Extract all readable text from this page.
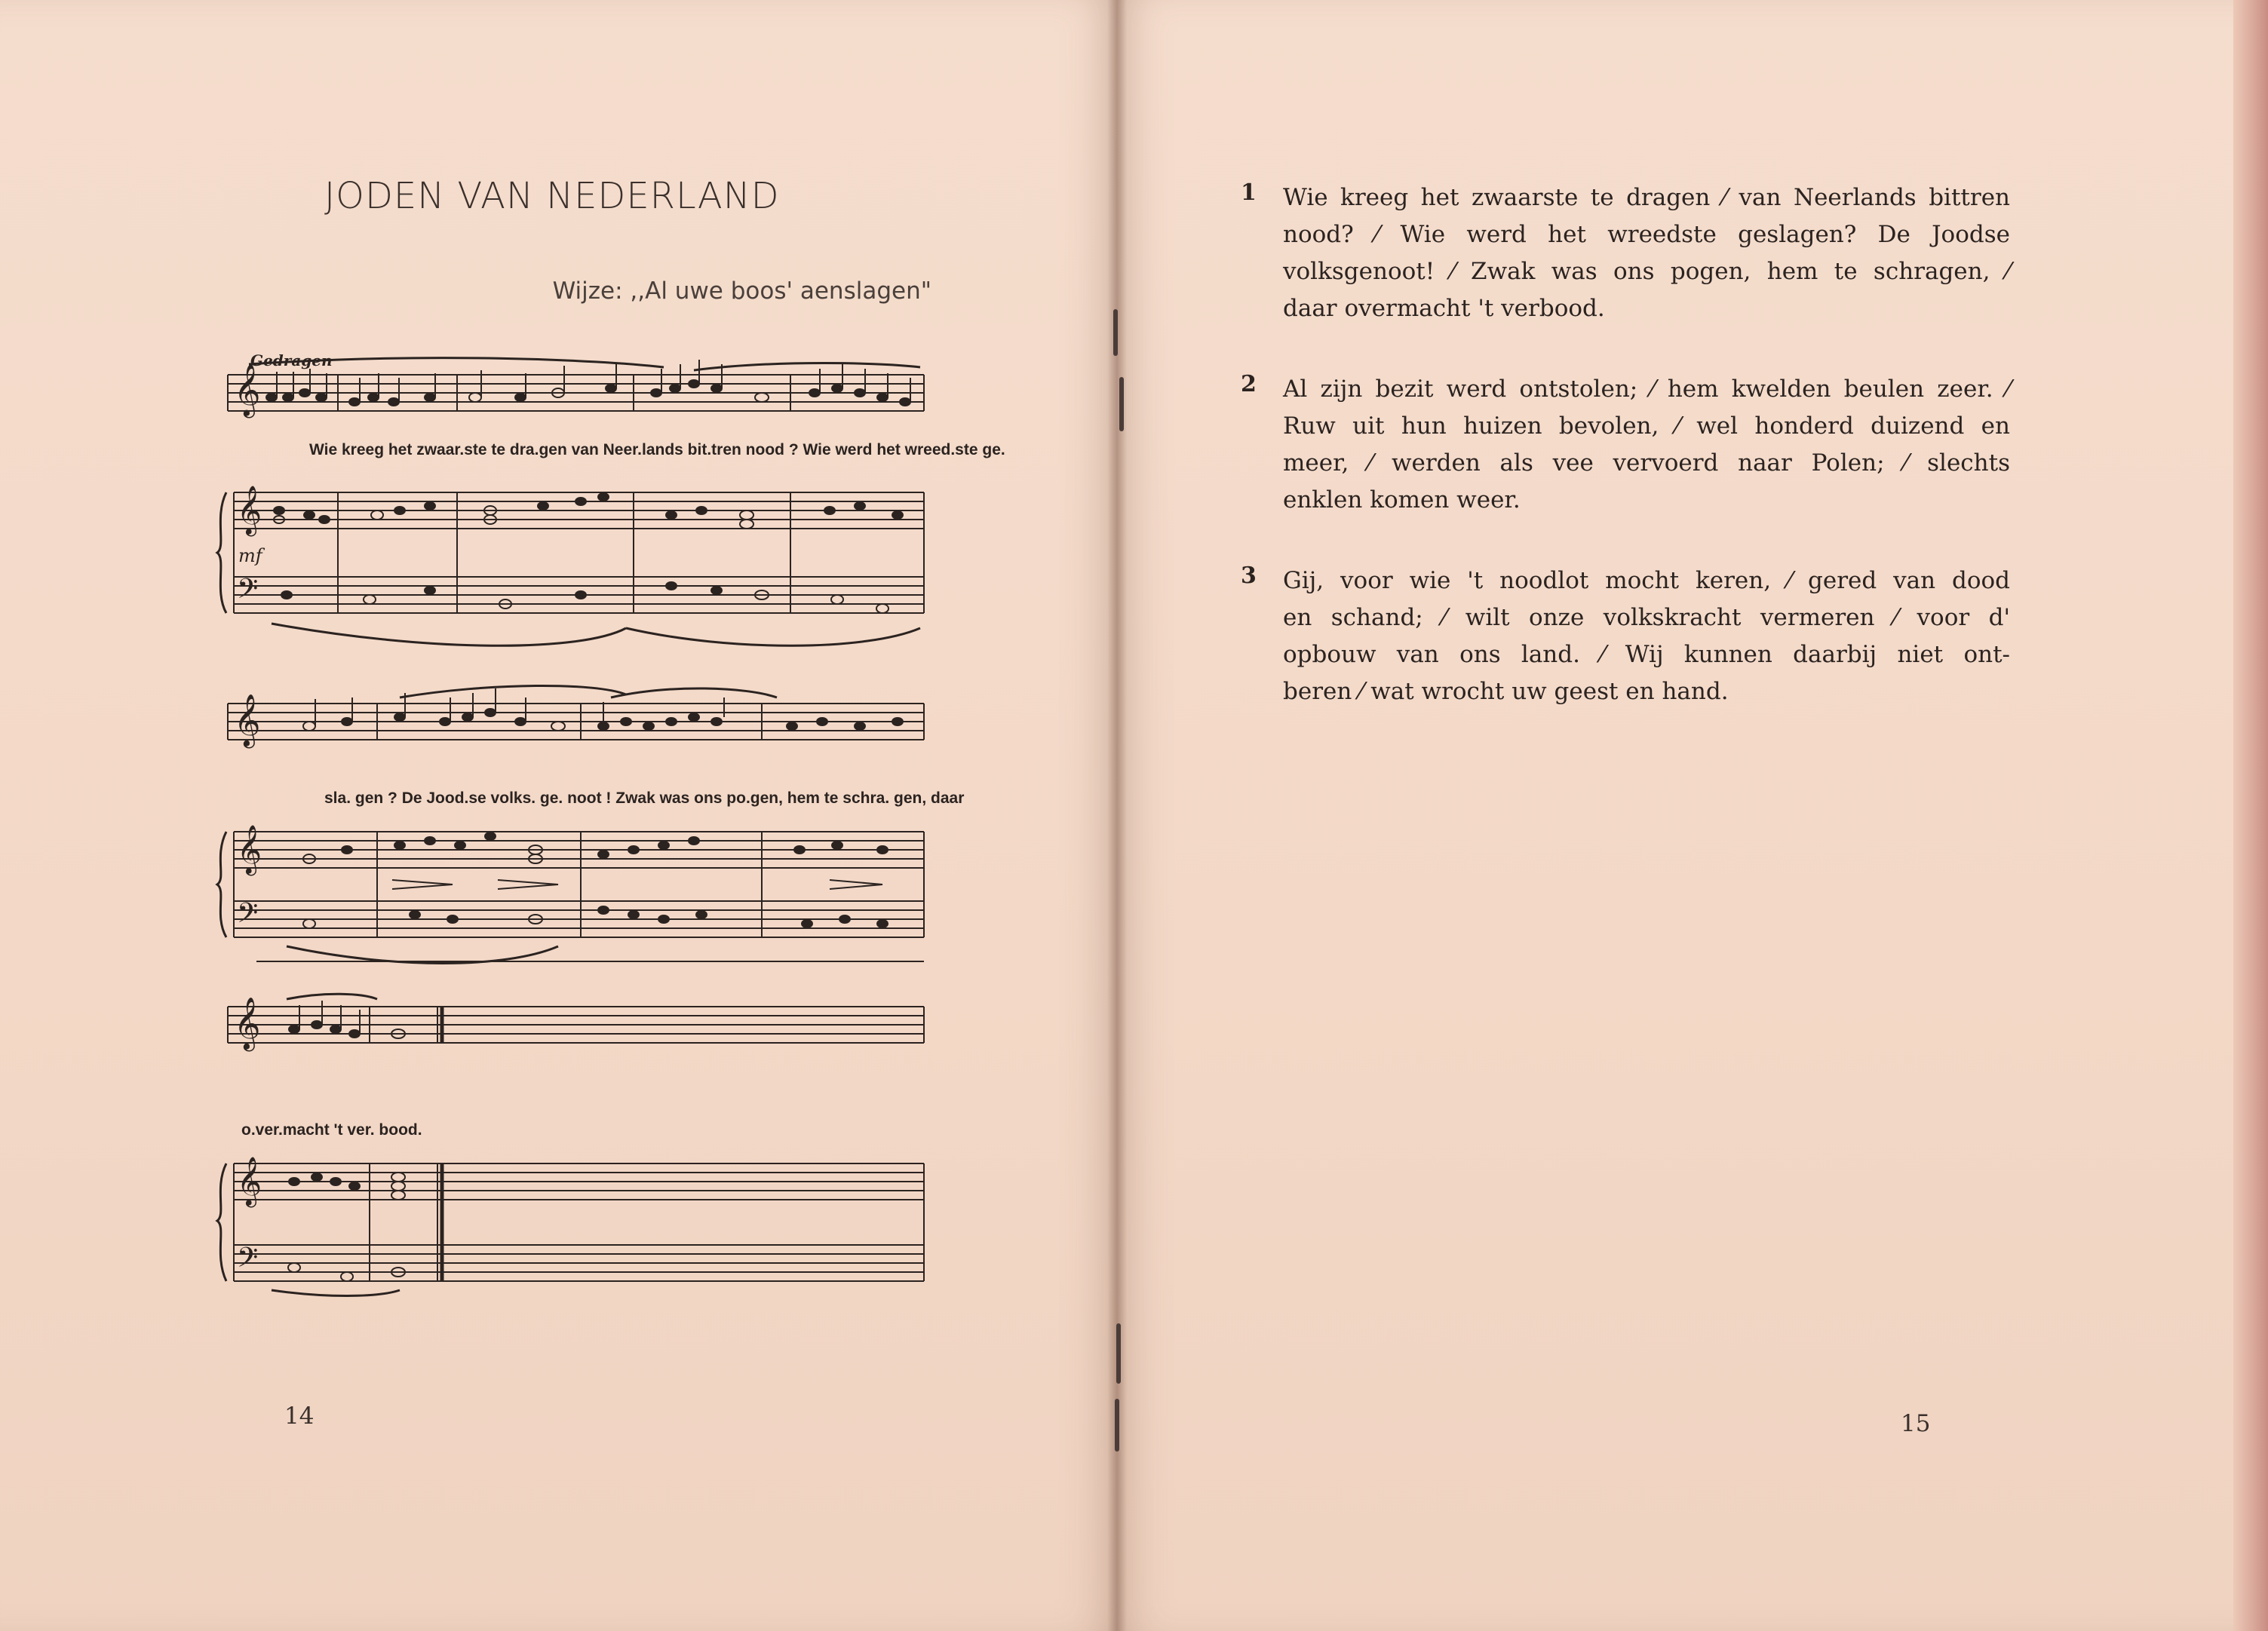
JODEN VAN NEDERLAND
Wijze: ,,Al uwe boos' aenslagen"
𝄞
Gedragen
Wie kreeg het zwaar.ste te dra.gen van Neer.lands bit.tren nood ? Wie werd het wreed.ste ge.
𝄞
𝄢
mf
𝄞
sla. gen ? De Jood.se volks. ge. noot ! Zwak was ons po.gen, hem te schra. gen, daar
𝄞
𝄢
𝄞
o.ver.macht 't ver. bood.
𝄞
𝄢
14
1 Wie kreeg het zwaarste te dragen ⁄ van Neerlands bittren
nood? ⁄ Wie werd het wreedste geslagen? De Joodse
volksgenoot! ⁄ Zwak was ons pogen, hem te schragen, ⁄
daar overmacht 't verbood.
2 Al zijn bezit werd ontstolen; ⁄ hem kwelden beulen zeer. ⁄
Ruw uit hun huizen bevolen, ⁄ wel honderd duizend en
meer, ⁄ werden als vee vervoerd naar Polen; ⁄ slechts
enklen komen weer.
3 Gij, voor wie 't noodlot mocht keren, ⁄ gered van dood
en schand; ⁄ wilt onze volkskracht vermeren ⁄ voor d'
opbouw van ons land. ⁄ Wij kunnen daarbij niet ont-
beren ⁄ wat wrocht uw geest en hand.
15
